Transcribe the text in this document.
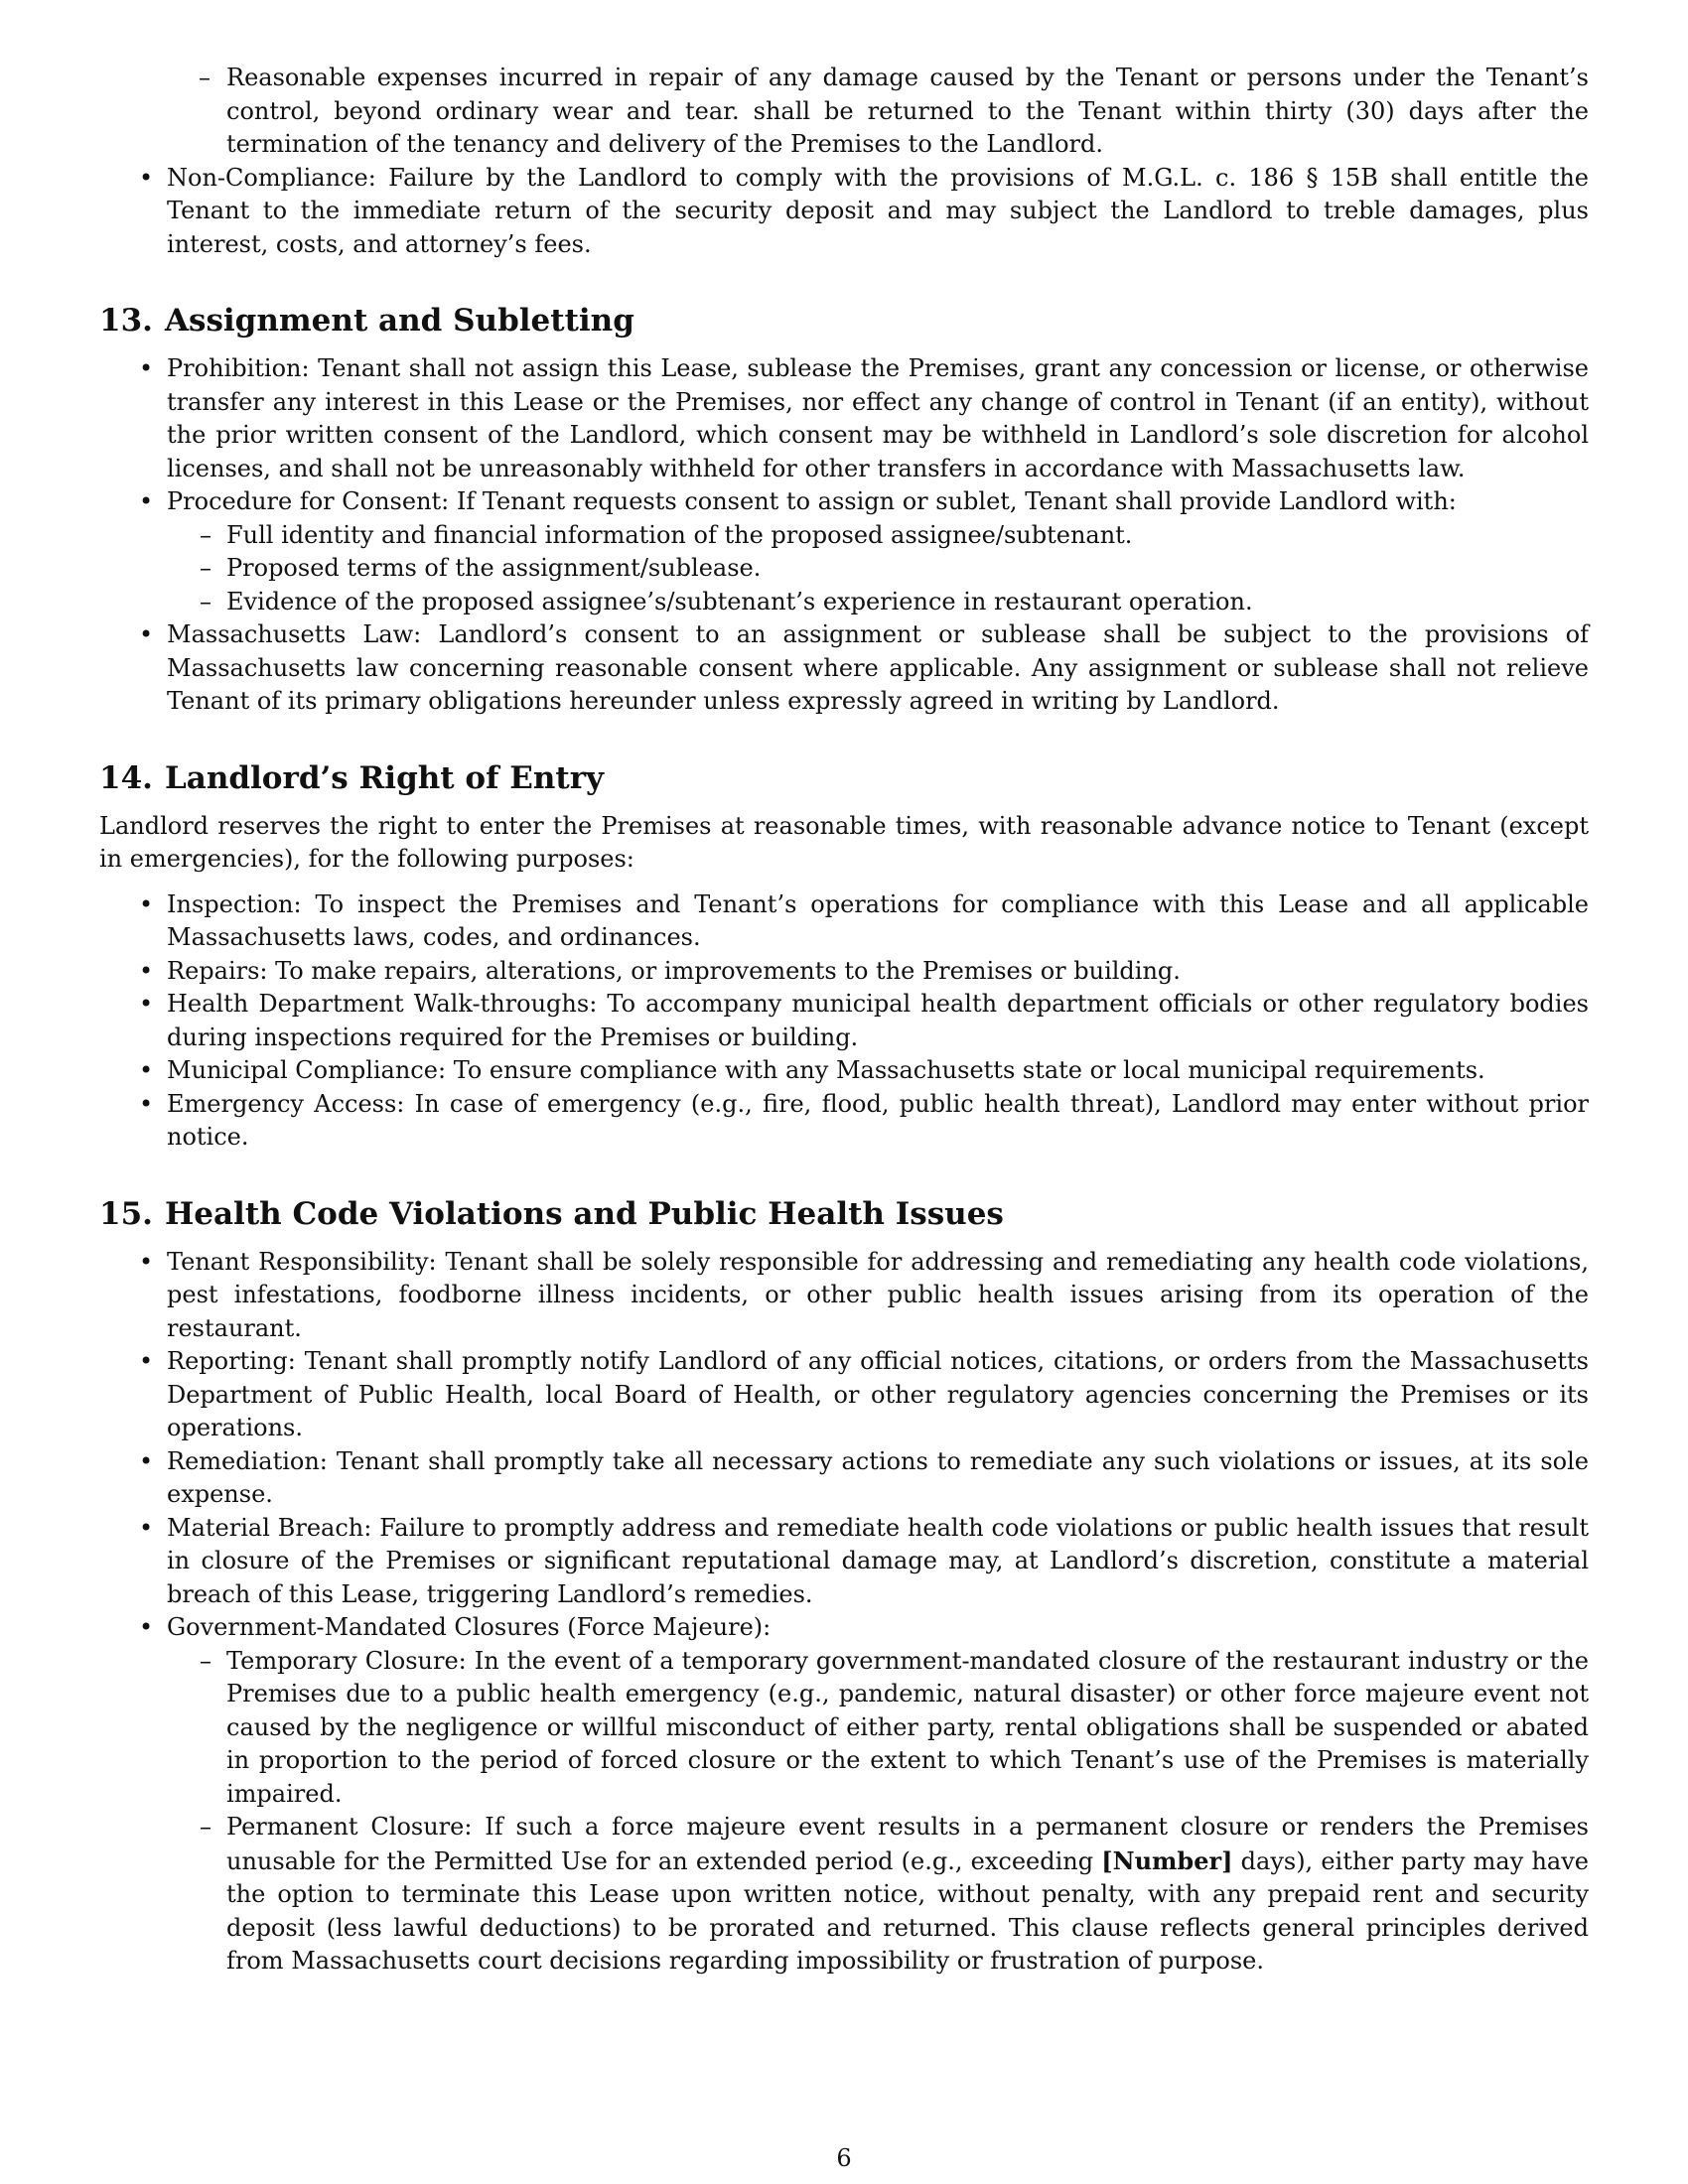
– Reasonable expenses incurred in repair of any damage caused by the Tenant or persons under the Tenant’s control, beyond ordinary wear and tear. shall be returned to the Tenant within thirty (30) days after the termination of the tenancy and delivery of the Premises to the Landlord.
• Non-Compliance: Failure by the Landlord to comply with the provisions of M.G.L. c. 186 § 15B shall entitle the Tenant to the immediate return of the security deposit and may subject the Landlord to treble damages, plus interest, costs, and attorney’s fees.
13. Assignment and Subletting
• Prohibition: Tenant shall not assign this Lease, sublease the Premises, grant any concession or license, or otherwise transfer any interest in this Lease or the Premises, nor effect any change of control in Tenant (if an entity), without the prior written consent of the Landlord, which consent may be withheld in Landlord’s sole discretion for alcohol licenses, and shall not be unreasonably withheld for other transfers in accordance with Massachusetts law.
• Procedure for Consent: If Tenant requests consent to assign or sublet, Tenant shall provide Landlord with:
– Full identity and financial information of the proposed assignee/subtenant.
– Proposed terms of the assignment/sublease.
– Evidence of the proposed assignee’s/subtenant’s experience in restaurant operation.
• Massachusetts Law: Landlord’s consent to an assignment or sublease shall be subject to the provisions of Massachusetts law concerning reasonable consent where applicable. Any assignment or sublease shall not relieve Tenant of its primary obligations hereunder unless expressly agreed in writing by Landlord.
14. Landlord’s Right of Entry

Landlord reserves the right to enter the Premises at reasonable times, with reasonable advance notice to Tenant (except in emergencies), for the following purposes:

• Inspection: To inspect the Premises and Tenant’s operations for compliance with this Lease and all applicable Massachusetts laws, codes, and ordinances.
• Repairs: To make repairs, alterations, or improvements to the Premises or building.
• Health Department Walk-throughs: To accompany municipal health department officials or other regulatory bodies during inspections required for the Premises or building.
• Municipal Compliance: To ensure compliance with any Massachusetts state or local municipal requirements.
• Emergency Access: In case of emergency (e.g., fire, flood, public health threat), Landlord may enter without prior notice.
15. Health Code Violations and Public Health Issues
• Tenant Responsibility: Tenant shall be solely responsible for addressing and remediating any health code violations, pest infestations, foodborne illness incidents, or other public health issues arising from its operation of the restaurant.
• Reporting: Tenant shall promptly notify Landlord of any official notices, citations, or orders from the Massachusetts Department of Public Health, local Board of Health, or other regulatory agencies concerning the Premises or its operations.
• Remediation: Tenant shall promptly take all necessary actions to remediate any such violations or issues, at its sole expense.
• Material Breach: Failure to promptly address and remediate health code violations or public health issues that result in closure of the Premises or significant reputational damage may, at Landlord’s discretion, constitute a material breach of this Lease, triggering Landlord’s remedies.
• Government-Mandated Closures (Force Majeure):
– Temporary Closure: In the event of a temporary government-mandated closure of the restaurant industry or the Premises due to a public health emergency (e.g., pandemic, natural disaster) or other force majeure event not caused by the negligence or willful misconduct of either party, rental obligations shall be suspended or abated in proportion to the period of forced closure or the extent to which Tenant’s use of the Premises is materially impaired.
– Permanent Closure: If such a force majeure event results in a permanent closure or renders the Premises unusable for the Permitted Use for an extended period (e.g., exceeding [Number] days), either party may have the option to terminate this Lease upon written notice, without penalty, with any prepaid rent and security deposit (less lawful deductions) to be prorated and returned. This clause reflects general principles derived from Massachusetts court decisions regarding impossibility or frustration of purpose.
6
